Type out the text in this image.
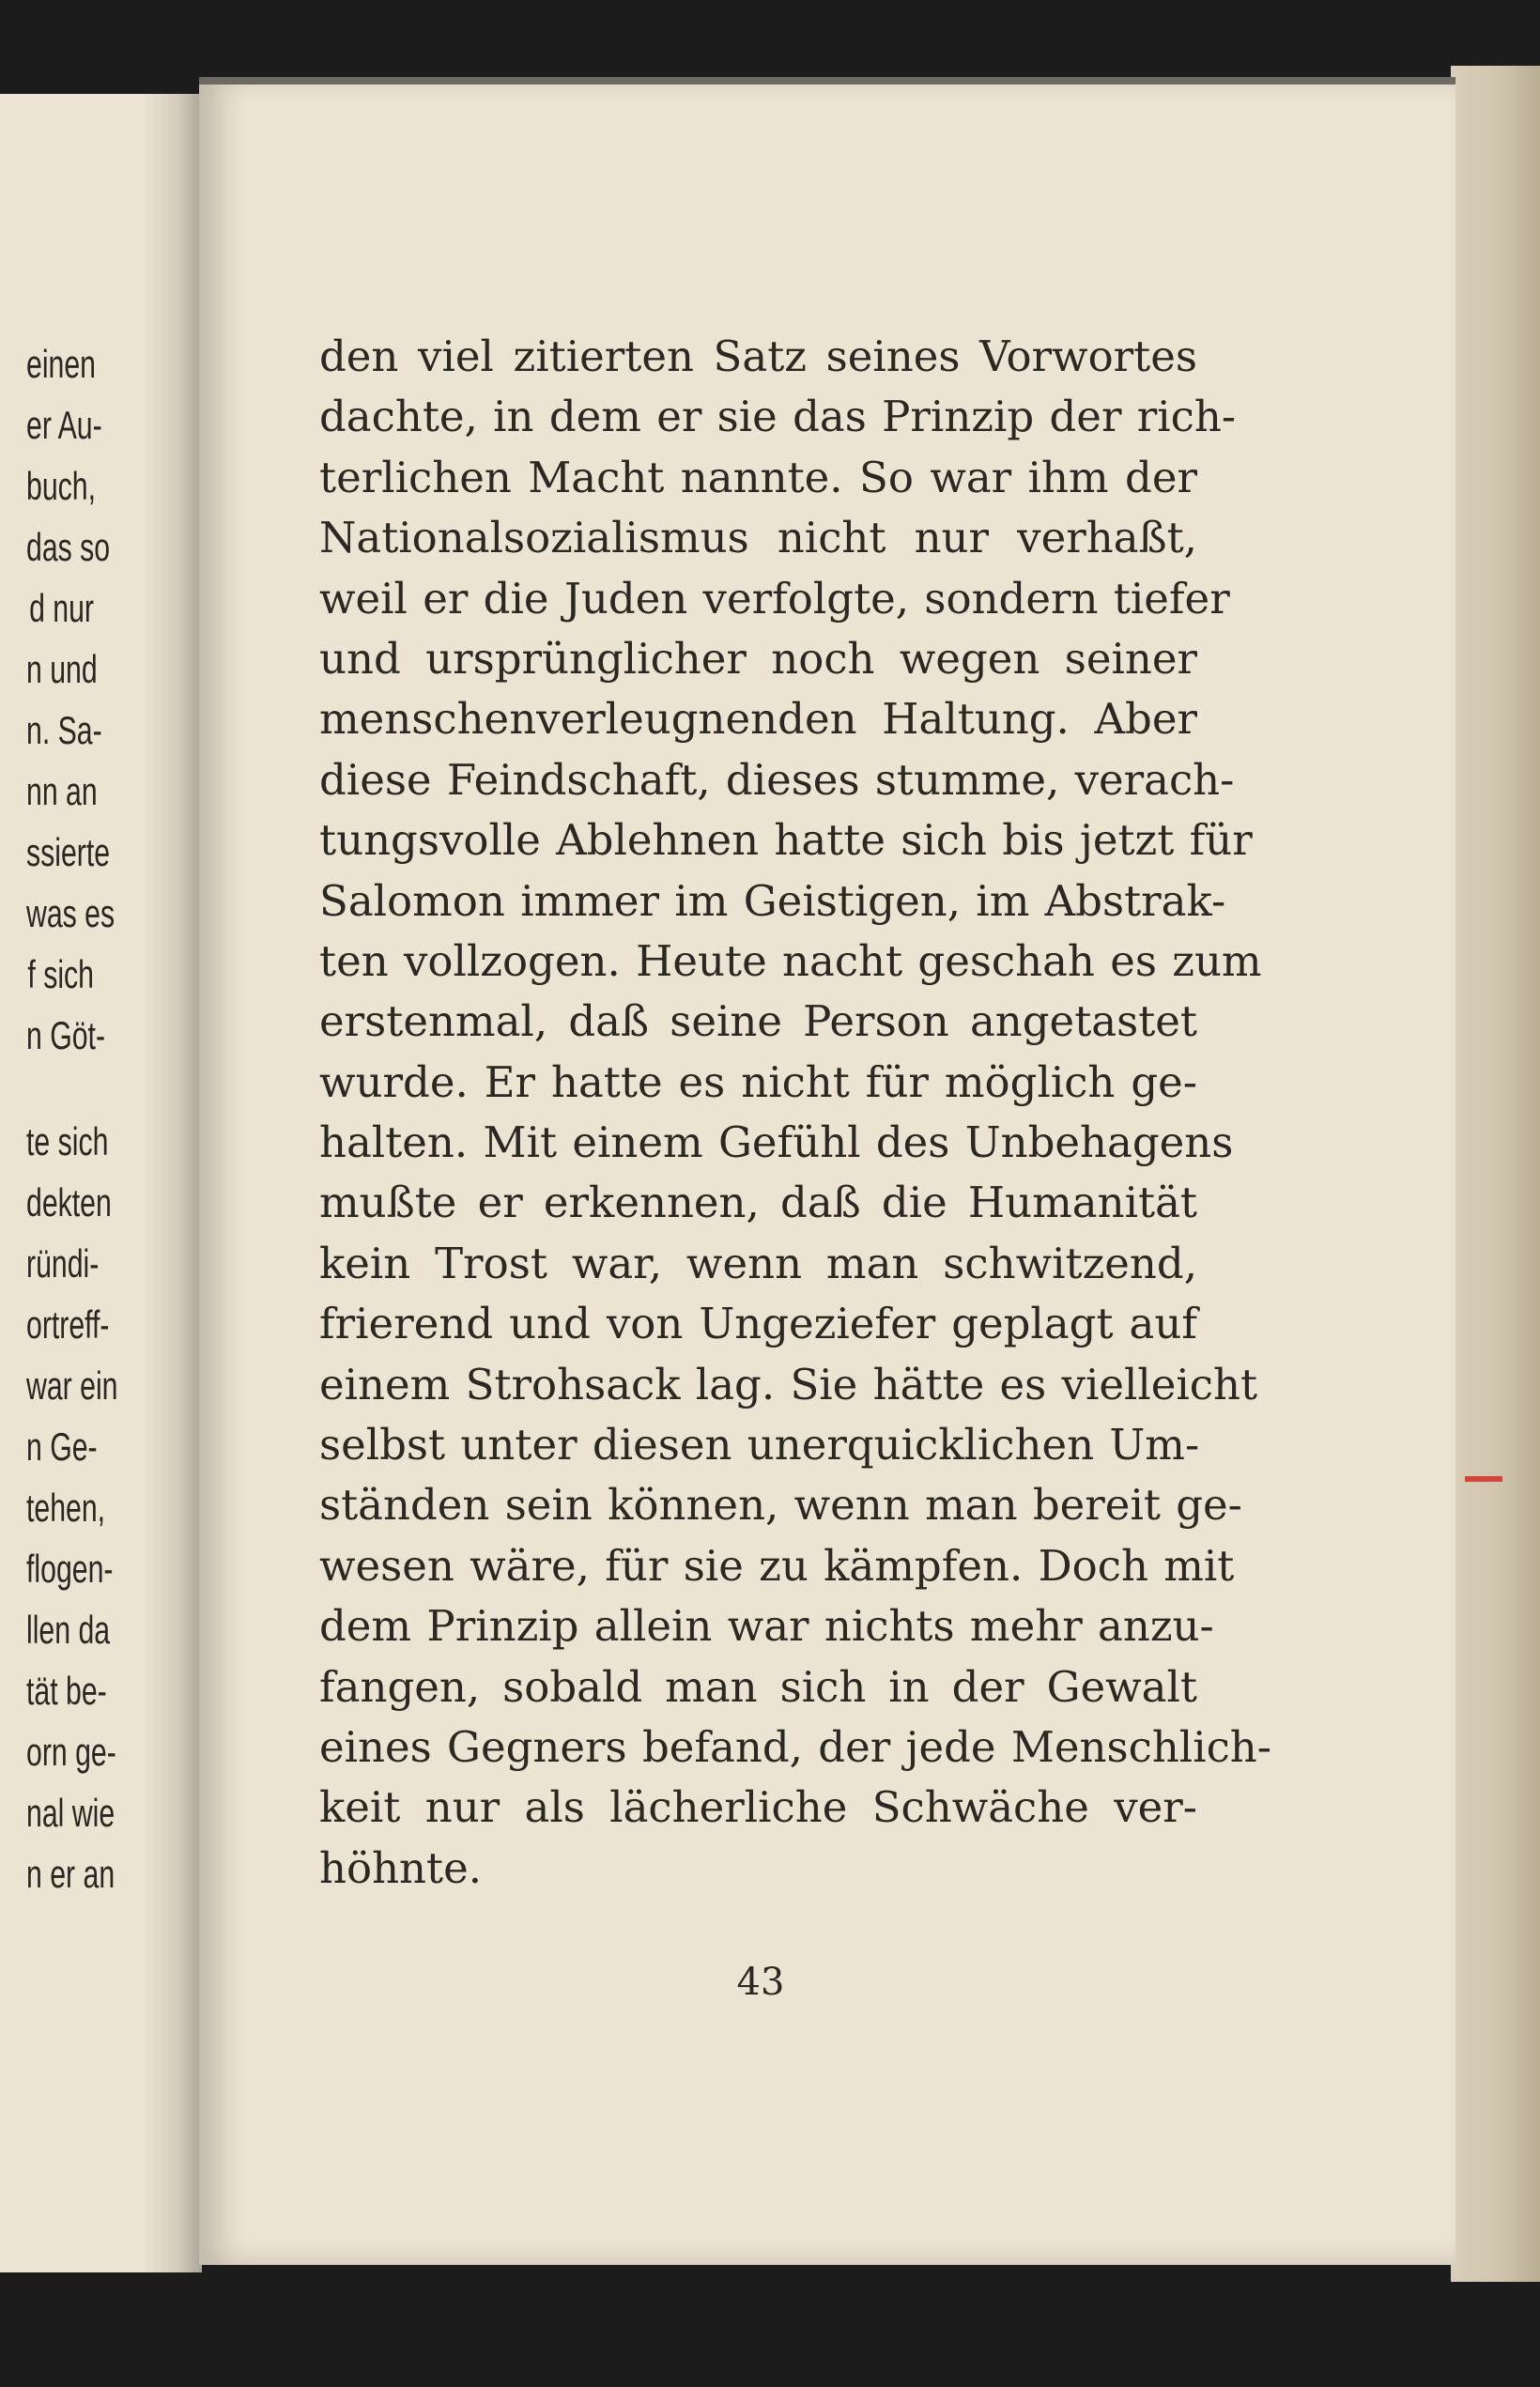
einen
er Au-
buch,
das so
d nur
n und
n. Sa-
nn an
ssierte
was es
f sich
n Göt-
te sich
dekten
ründi-
ortreff-
war ein
n Ge-
tehen,
flogen-
llen da
tät be-
orn ge-
nal wie
n er an
den viel zitierten Satz seines Vorwortes
dachte, in dem er sie das Prinzip der rich-
terlichen Macht nannte. So war ihm der
Nationalsozialismus nicht nur verhaßt,
weil er die Juden verfolgte, sondern tiefer
und ursprünglicher noch wegen seiner
menschenverleugnenden Haltung. Aber
diese Feindschaft, dieses stumme, verach-
tungsvolle Ablehnen hatte sich bis jetzt für
Salomon immer im Geistigen, im Abstrak-
ten vollzogen. Heute nacht geschah es zum
erstenmal, daß seine Person angetastet
wurde. Er hatte es nicht für möglich ge-
halten. Mit einem Gefühl des Unbehagens
mußte er erkennen, daß die Humanität
kein Trost war, wenn man schwitzend,
frierend und von Ungeziefer geplagt auf
einem Strohsack lag. Sie hätte es vielleicht
selbst unter diesen unerquicklichen Um-
ständen sein können, wenn man bereit ge-
wesen wäre, für sie zu kämpfen. Doch mit
dem Prinzip allein war nichts mehr anzu-
fangen, sobald man sich in der Gewalt
eines Gegners befand, der jede Menschlich-
keit nur als lächerliche Schwäche ver-
höhnte.
43
